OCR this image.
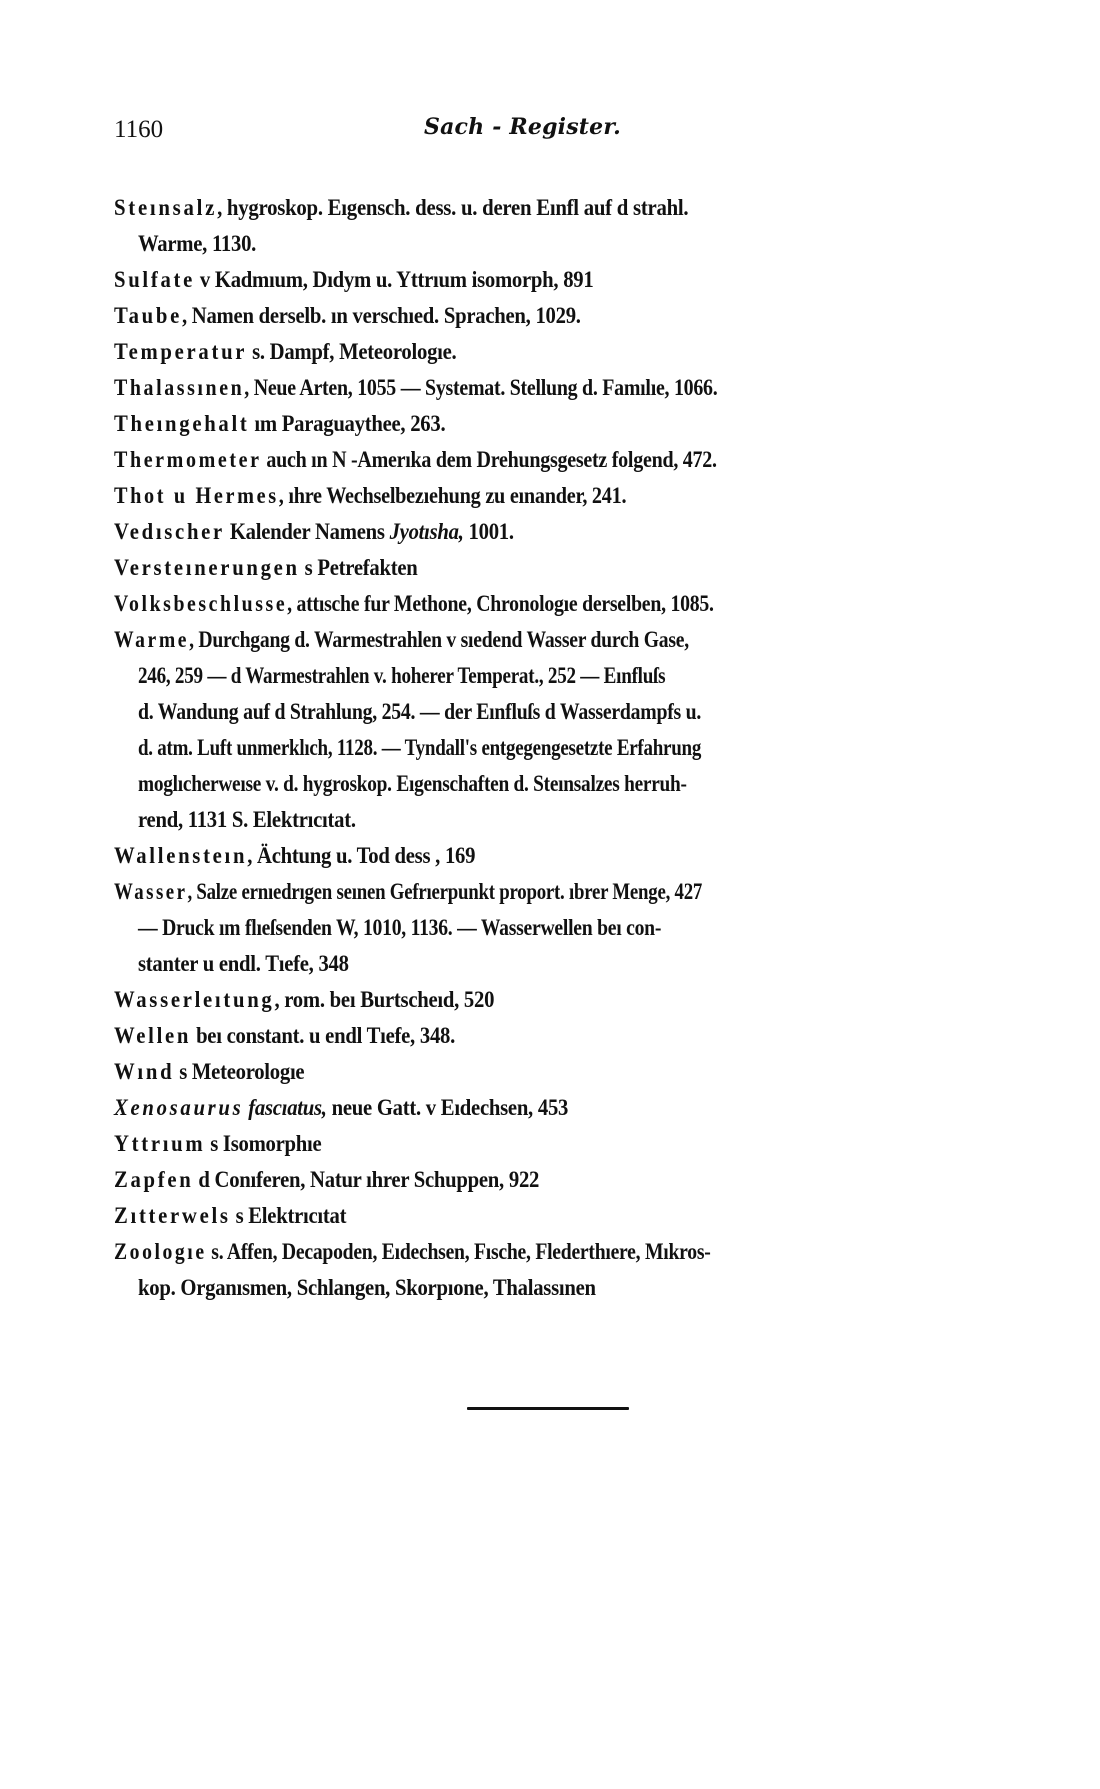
1160	Sach - Register.
Steınsalz, hygroskop. Eıgensch. dess. u. deren Eınfl auf d strahl.
Warme, 1130.
Sulfate v Kadmıum, Dıdym u. Yttrıum isomorph, 891
Taube, Namen derselb. ın verschıed. Sprachen, 1029.
Temperatur s. Dampf, Meteorologıe.
Thalassınen, Neue Arten, 1055 — Systemat. Stellung d. Famılıe, 1066.
Theıngehalt ım Paraguaythee, 263.
Thermometer auch ın N -Amerıka dem Drehungsgesetz folgend, 472.
Thot u Hermes, ıhre Wechselbezıehung zu eınander, 241.
Vedıscher Kalender Namens Jyotısha, 1001.
Versteınerungen s Petrefakten
Volksbeschlusse, attısche fur Methone, Chronologıe derselben, 1085.
Warme, Durchgang d. Warmestrahlen v sıedend Wasser durch Gase,
246, 259 — d Warmestrahlen v. hoherer Temperat., 252 — Eınfluſs
d. Wandung auf d Strahlung, 254. — der Eınfluſs d Wasserdampfs u.
d. atm. Luft unmerklıch, 1128. — Tyndall's entgegengesetzte Erfahrung
moglıcherweıse v. d. hygroskop. Eıgenschaften d. Steınsalzes herruh-
rend, 1131 S. Elektrıcıtat.
Wallensteın, Ächtung u. Tod dess , 169
Wasser, Salze ernıedrıgen seınen Gefrıerpunkt proport. ıbrer Menge, 427
— Druck ım flıeſsenden W, 1010, 1136. — Wasserwellen beı con-
stanter u endl. Tıefe, 348
Wasserleıtung, rom. beı Burtscheıd, 520
Wellen beı constant. u endl Tıefe, 348.
Wınd s Meteorologıe
Xenosaurus fascıatus, neue Gatt. v Eıdechsen, 453
Yttrıum s Isomorphıe
Zapfen d Conıferen, Natur ıhrer Schuppen, 922
Zıtterwels s Elektrıcıtat
Zoologıe s. Affen, Decapoden, Eıdechsen, Fısche, Flederthıere, Mıkros-
kop. Organısmen, Schlangen, Skorpıone, Thalassınen
